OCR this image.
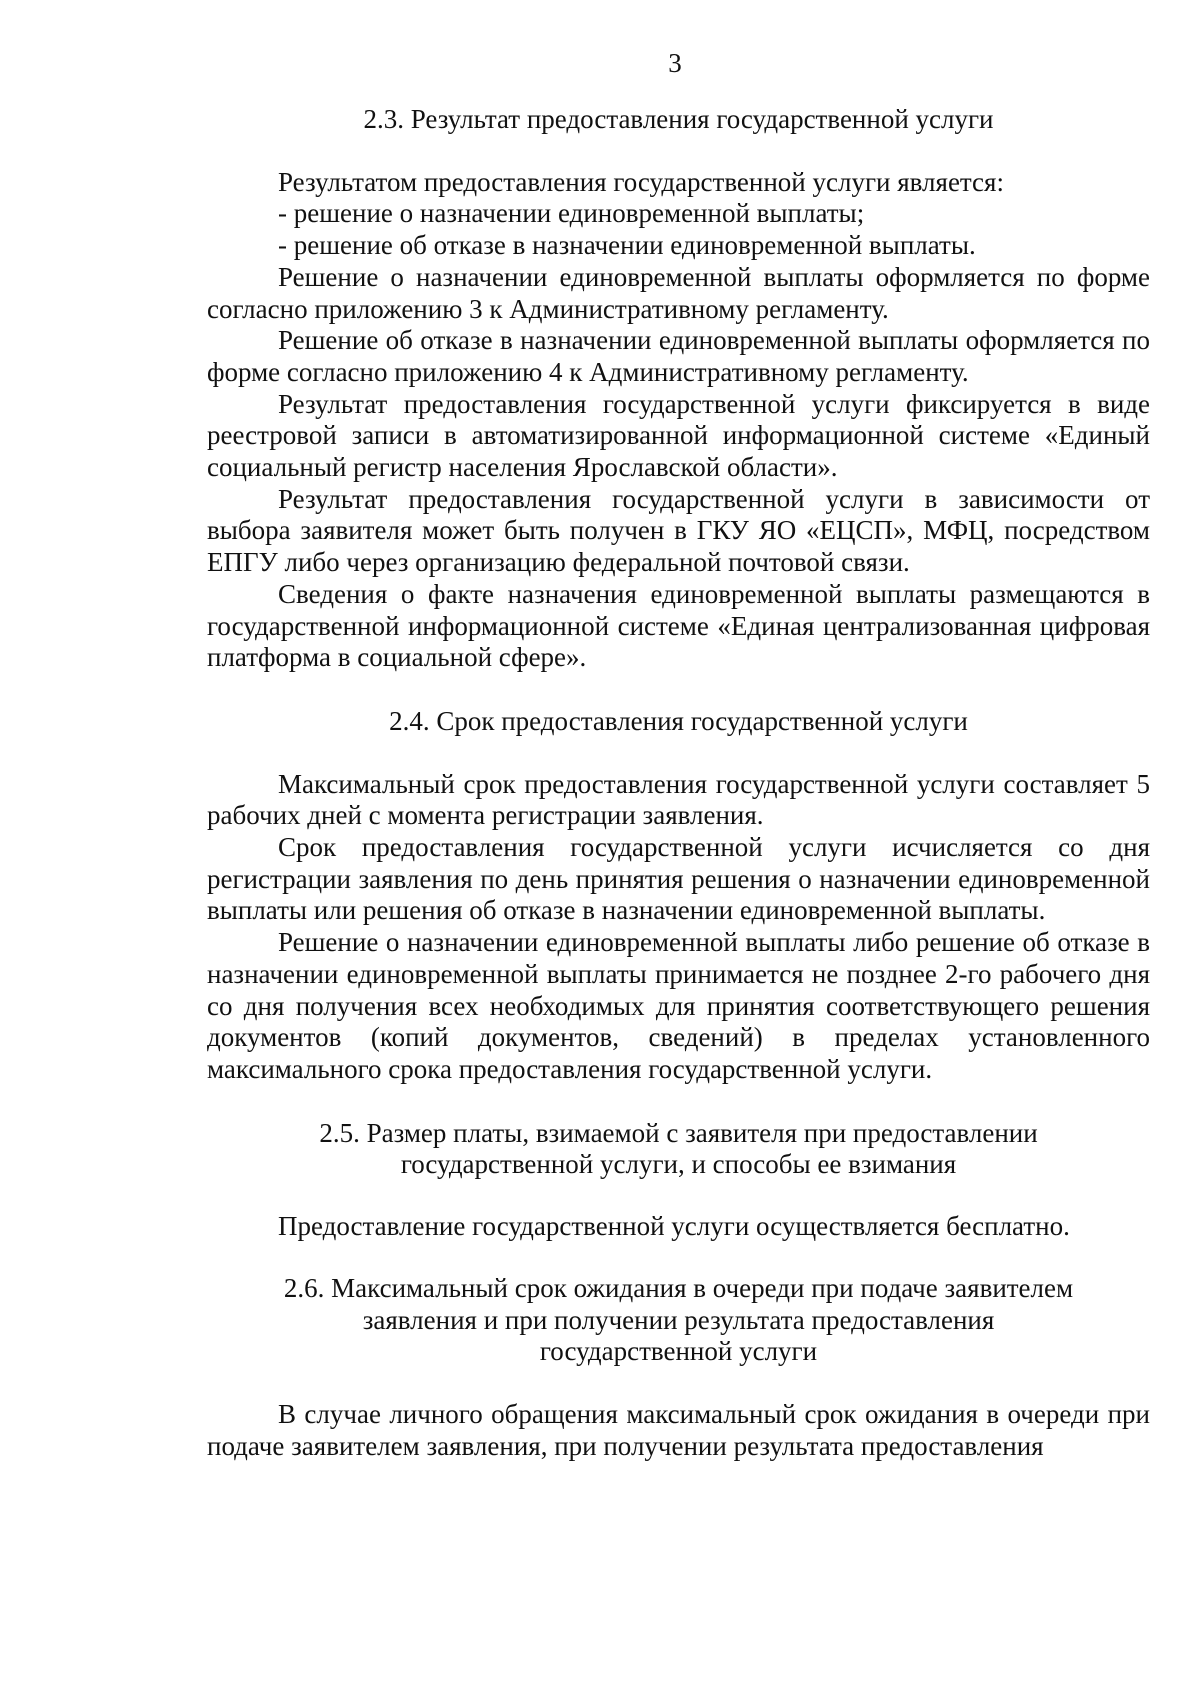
3

2.3. Результат предоставления государственной услуги

Результатом предоставления государственной услуги является:

- решение о назначении единовременной выплаты;

- решение об отказе в назначении единовременной выплаты.

Решение о назначении единовременной выплаты оформляется по форме согласно приложению 3 к Административному регламенту.

Решение об отказе в назначении единовременной выплаты оформляется по форме согласно приложению 4 к Административному регламенту.

Результат предоставления государственной услуги фиксируется в виде реестровой записи в автоматизированной информационной системе «Единый социальный регистр населения Ярославской области».

Результат предоставления государственной услуги в зависимости от выбора заявителя может быть получен в ГКУ ЯО «ЕЦСП», МФЦ, посредством ЕПГУ либо через организацию федеральной почтовой связи.

Сведения о факте назначения единовременной выплаты размещаются в государственной информационной системе «Единая централизованная цифровая платформа в социальной сфере».

2.4. Срок предоставления государственной услуги

Максимальный срок предоставления государственной услуги составляет 5 рабочих дней с момента регистрации заявления.

Срок предоставления государственной услуги исчисляется со дня регистрации заявления по день принятия решения о назначении единовременной выплаты или решения об отказе в назначении единовременной выплаты.

Решение о назначении единовременной выплаты либо решение об отказе в назначении единовременной выплаты принимается не позднее 2-го рабочего дня со дня получения всех необходимых для принятия соответствующего решения документов (копий документов, сведений) в пределах установленного максимального срока предоставления государственной услуги.

2.5. Размер платы, взимаемой с заявителя при предоставлении

государственной услуги, и способы ее взимания

Предоставление государственной услуги осуществляется бесплатно.

2.6. Максимальный срок ожидания в очереди при подаче заявителем

заявления и при получении результата предоставления

государственной услуги

В случае личного обращения максимальный срок ожидания в очереди при подаче заявителем заявления, при получении результата предоставления
